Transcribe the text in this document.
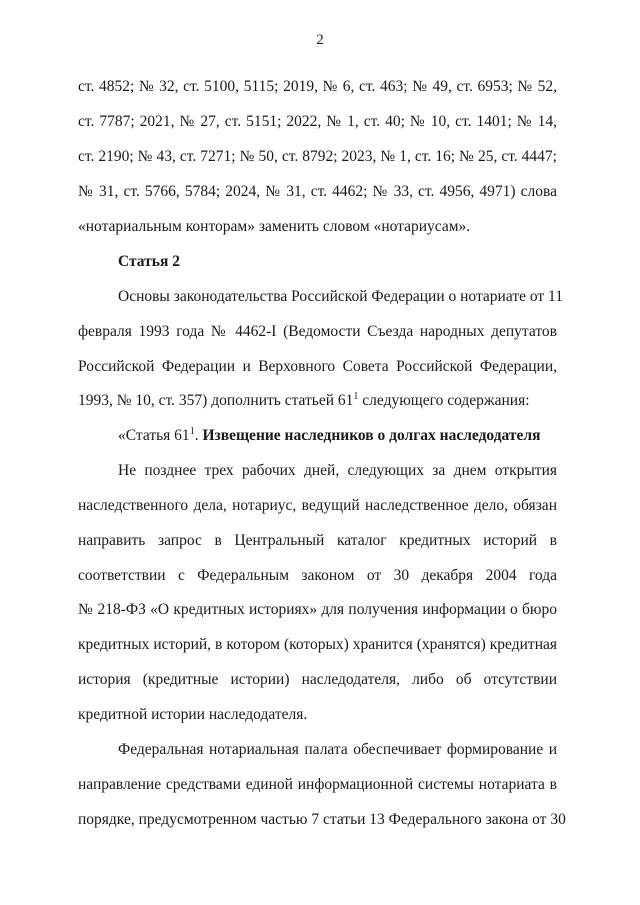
2
ст. 4852; № 32, ст. 5100, 5115; 2019, № 6, ст. 463; № 49, ст. 6953; № 52,
ст. 7787; 2021, № 27, ст. 5151; 2022, № 1, ст. 40; № 10, ст. 1401; № 14,
ст. 2190; № 43, ст. 7271; № 50, ст. 8792; 2023, № 1, ст. 16; № 25, ст. 4447;
№ 31, ст. 5766, 5784; 2024, № 31, ст. 4462; № 33, ст. 4956, 4971) слова
«нотариальным конторам» заменить словом «нотариусам».
Статья 2
Основы законодательства Российской Федерации о нотариате от 11
февраля 1993 года № 4462-I (Ведомости Съезда народных депутатов
Российской Федерации и Верховного Совета Российской Федерации,
1993, № 10, ст. 357) дополнить статьей $61^1$ следующего содержания:
«Статья $61^1$. Извещение наследников о долгах наследодателя
Не позднее трех рабочих дней, следующих за днем открытия
наследственного дела, нотариус, ведущий наследственное дело, обязан
направить запрос в Центральный каталог кредитных историй в
соответствии с Федеральным законом от 30 декабря 2004 года
№ 218-ФЗ «О кредитных историях» для получения информации о бюро
кредитных историй, в котором (которых) хранится (хранятся) кредитная
история (кредитные истории) наследодателя, либо об отсутствии
кредитной истории наследодателя.
Федеральная нотариальная палата обеспечивает формирование и
направление средствами единой информационной системы нотариата в
порядке, предусмотренном частью 7 статьи 13 Федерального закона от 30
